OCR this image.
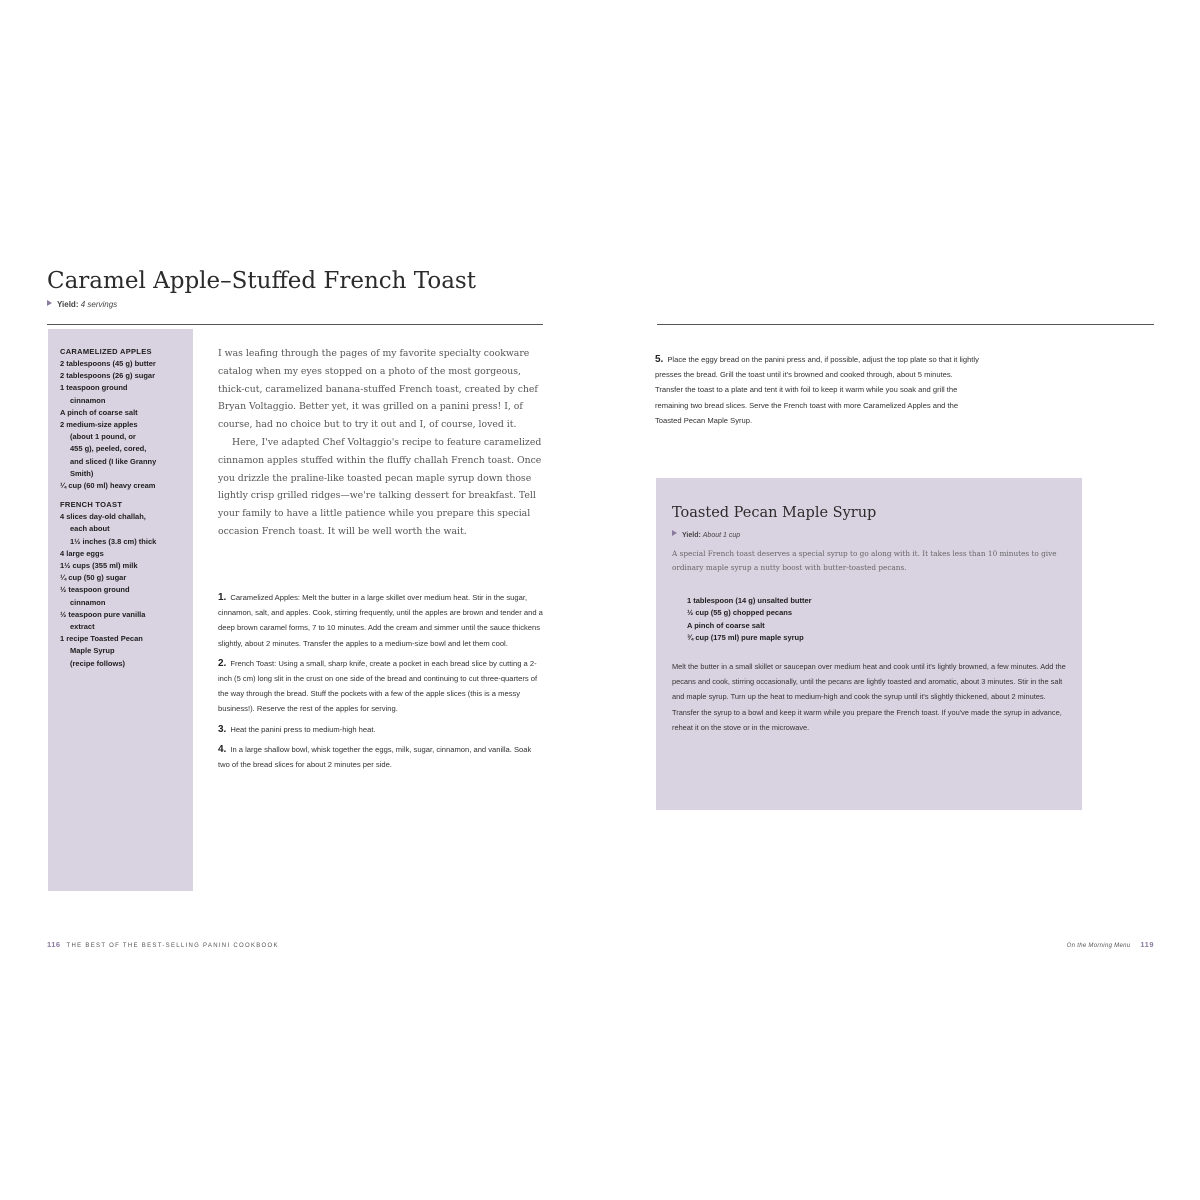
Caramel Apple–Stuffed French Toast
Yield: 4 servings
CARAMELIZED APPLES
2 tablespoons (45 g) butter
2 tablespoons (26 g) sugar
1 teaspoon ground
cinnamon
A pinch of coarse salt
2 medium-size apples
(about 1 pound, or
455 g), peeled, cored,
and sliced (I like Granny
Smith)
¼ cup (60 ml) heavy cream
FRENCH TOAST
4 slices day-old challah,
each about
1½ inches (3.8 cm) thick
4 large eggs
1½ cups (355 ml) milk
¼ cup (50 g) sugar
½ teaspoon ground
cinnamon
½ teaspoon pure vanilla
extract
1 recipe Toasted Pecan
Maple Syrup
(recipe follows)

I was leafing through the pages of my favorite specialty cookware catalog when my eyes stopped on a photo of the most gorgeous, thick-cut, caramelized banana-stuffed French toast, created by chef Bryan Voltaggio. Better yet, it was grilled on a panini press! I, of course, had no choice but to try it out and I, of course, loved it.

Here, I've adapted Chef Voltaggio's recipe to feature caramelized cinnamon apples stuffed within the fluffy challah French toast. Once you drizzle the praline-like toasted pecan maple syrup down those lightly crisp grilled ridges—we're talking dessert for breakfast. Tell your family to have a little patience while you prepare this special occasion French toast. It will be well worth the wait.

1. Caramelized Apples: Melt the butter in a large skillet over medium heat. Stir in the sugar, cinnamon, salt, and apples. Cook, stirring frequently, until the apples are brown and tender and a deep brown caramel forms, 7 to 10 minutes. Add the cream and simmer until the sauce thickens slightly, about 2 minutes. Transfer the apples to a medium-size bowl and let them cool.
2. French Toast: Using a small, sharp knife, create a pocket in each bread slice by cutting a 2-inch (5 cm) long slit in the crust on one side of the bread and continuing to cut three-quarters of the way through the bread. Stuff the pockets with a few of the apple slices (this is a messy business!). Reserve the rest of the apples for serving.
3. Heat the panini press to medium-high heat.
4. In a large shallow bowl, whisk together the eggs, milk, sugar, cinnamon, and vanilla. Soak two of the bread slices for about 2 minutes per side.
116 THE BEST OF THE BEST-SELLING PANINI COOKBOOK
5. Place the eggy bread on the panini press and, if possible, adjust the top plate so that it lightly presses the bread. Grill the toast until it's browned and cooked through, about 5 minutes. Transfer the toast to a plate and tent it with foil to keep it warm while you soak and grill the remaining two bread slices. Serve the French toast with more Caramelized Apples and the Toasted Pecan Maple Syrup.
Toasted Pecan Maple Syrup
Yield: About 1 cup

A special French toast deserves a special syrup to go along with it. It takes less than 10 minutes to give ordinary maple syrup a nutty boost with butter-toasted pecans.

1 tablespoon (14 g) unsalted butter
½ cup (55 g) chopped pecans
A pinch of coarse salt
¾ cup (175 ml) pure maple syrup

Melt the butter in a small skillet or saucepan over medium heat and cook until it's lightly browned, a few minutes. Add the pecans and cook, stirring occasionally, until the pecans are lightly toasted and aromatic, about 3 minutes. Stir in the salt and maple syrup. Turn up the heat to medium-high and cook the syrup until it's slightly thickened, about 2 minutes. Transfer the syrup to a bowl and keep it warm while you prepare the French toast. If you've made the syrup in advance, reheat it on the stove or in the microwave.

On the Morning Menu 119
